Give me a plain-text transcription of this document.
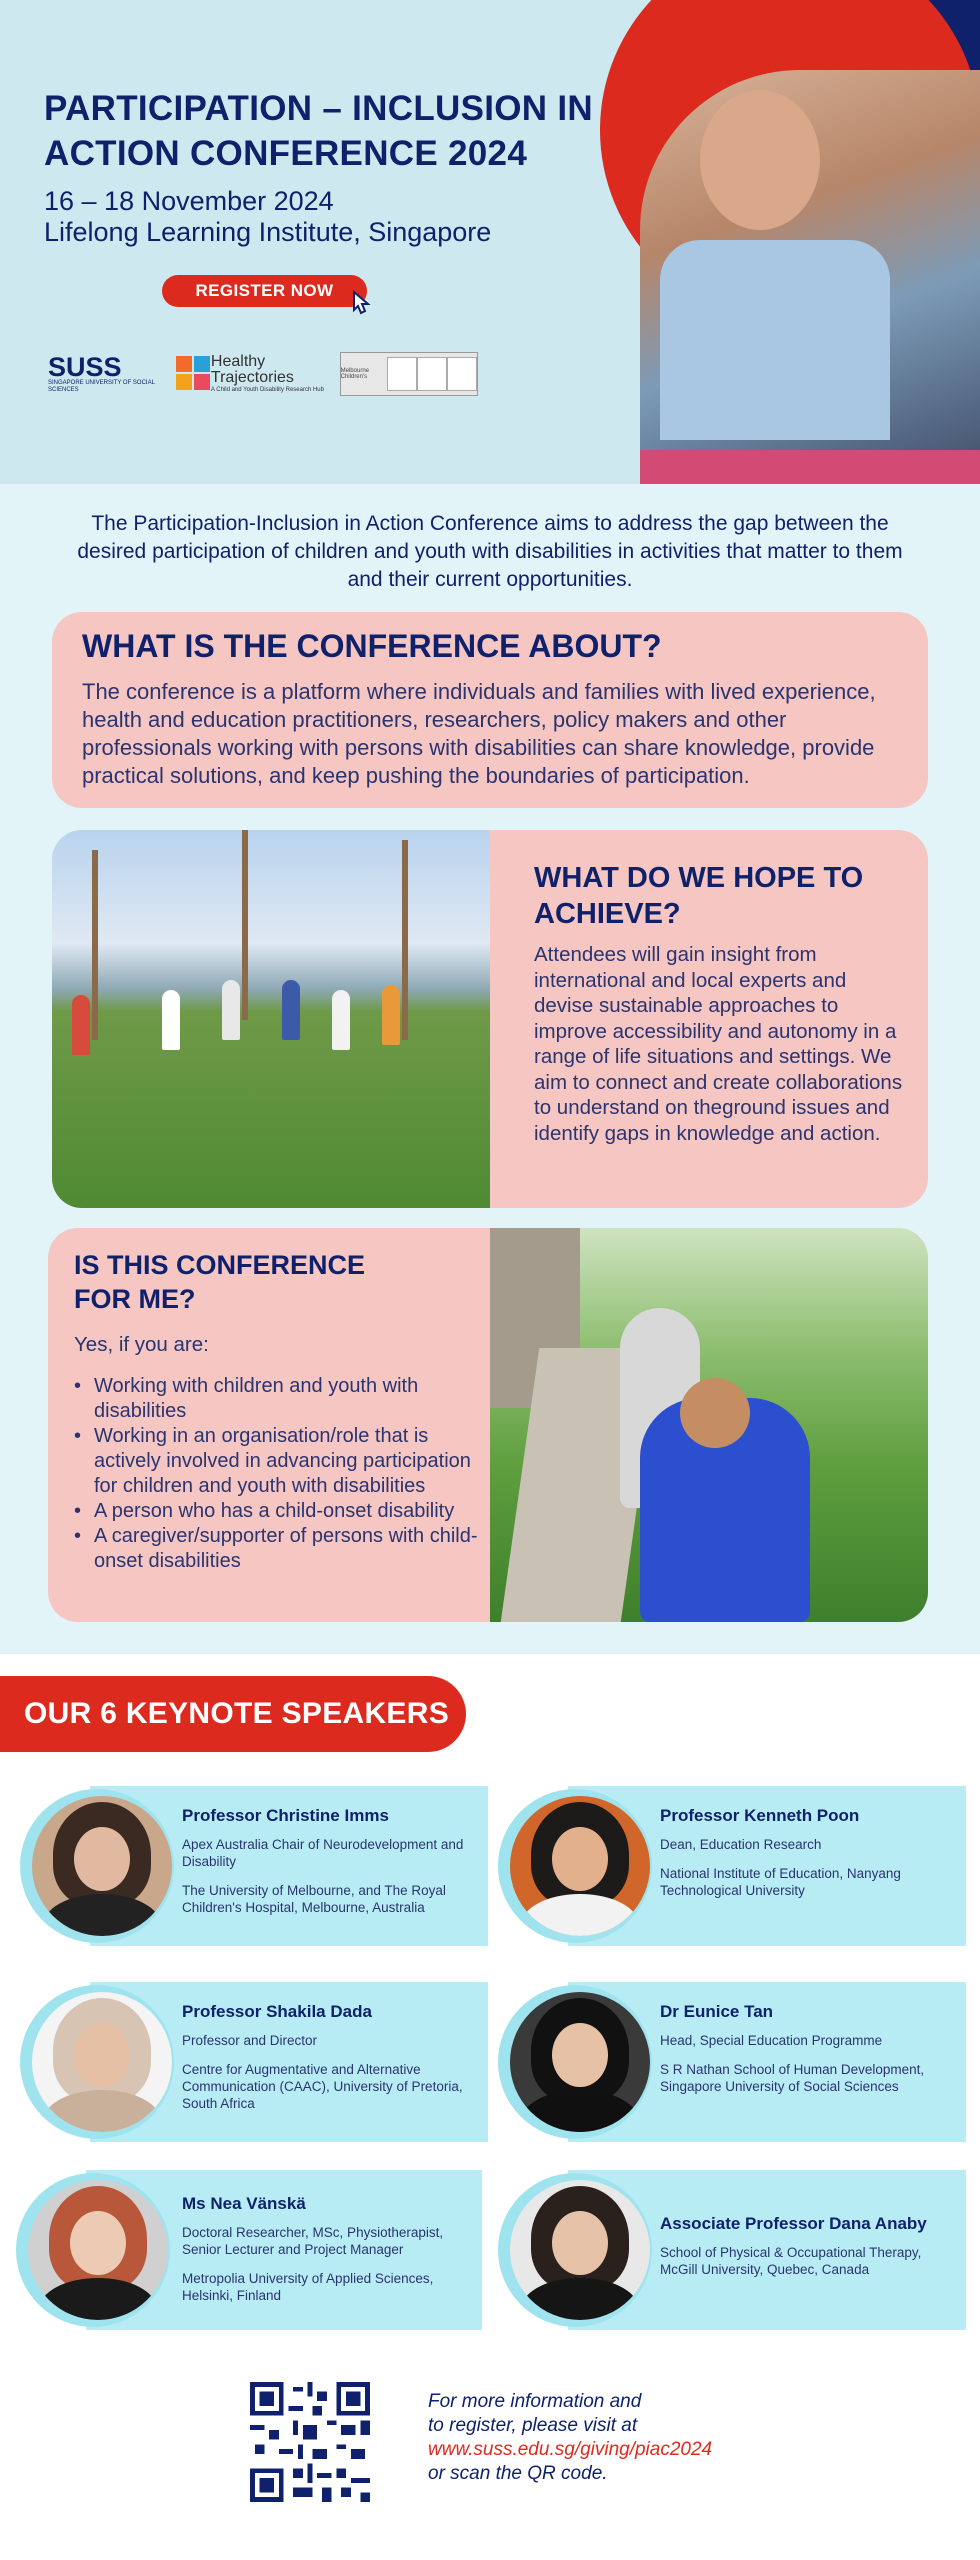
PARTICIPATION – INCLUSION IN ACTION CONFERENCE 2024
16 – 18 November 2024
Lifelong Learning Institute, Singapore
REGISTER NOW
SUSS
SINGAPORE UNIVERSITY OF SOCIAL SCIENCES
Healthy Trajectories
A Child and Youth Disability Research Hub
Melbourne Children's
The Participation-Inclusion in Action Conference aims to address the gap between the desired participation of children and youth with disabilities in activities that matter to them and their current opportunities.
WHAT IS THE CONFERENCE ABOUT?

The conference is a platform where individuals and families with lived experience, health and education practitioners, researchers, policy makers and other professionals working with persons with disabilities can share knowledge, provide practical solutions, and keep pushing the boundaries of participation.

WHAT DO WE HOPE TO ACHIEVE?

Attendees will gain insight from international and local experts and devise sustainable approaches to improve accessibility and autonomy in a range of life situations and settings. We aim to connect and create collaborations to understand on theground issues and identify gaps in knowledge and action.

IS THIS CONFERENCE FOR ME?
Yes, if you are:
• Working with children and youth with disabilities
• Working in an organisation/role that is actively involved in advancing participation for children and youth with disabilities
• A person who has a child-onset disability
• A caregiver/supporter of persons with child-onset disabilities
OUR 6 KEYNOTE SPEAKERS
Professor Christine Imms
Apex Australia Chair of Neurodevelopment and Disability
The University of Melbourne, and The Royal Children's Hospital, Melbourne, Australia
Professor Kenneth Poon
Dean, Education Research
National Institute of Education, Nanyang Technological University
Professor Shakila Dada
Professor and Director
Centre for Augmentative and Alternative Communication (CAAC), University of Pretoria, South Africa
Dr Eunice Tan
Head, Special Education Programme
S R Nathan School of Human Development, Singapore University of Social Sciences
Ms Nea Vänskä
Doctoral Researcher, MSc, Physiotherapist, Senior Lecturer and Project Manager
Metropolia University of Applied Sciences, Helsinki, Finland
Associate Professor Dana Anaby
School of Physical & Occupational Therapy, McGill University, Quebec, Canada
For more information and
to register, please visit at
www.suss.edu.sg/giving/piac2024
or scan the QR code.
